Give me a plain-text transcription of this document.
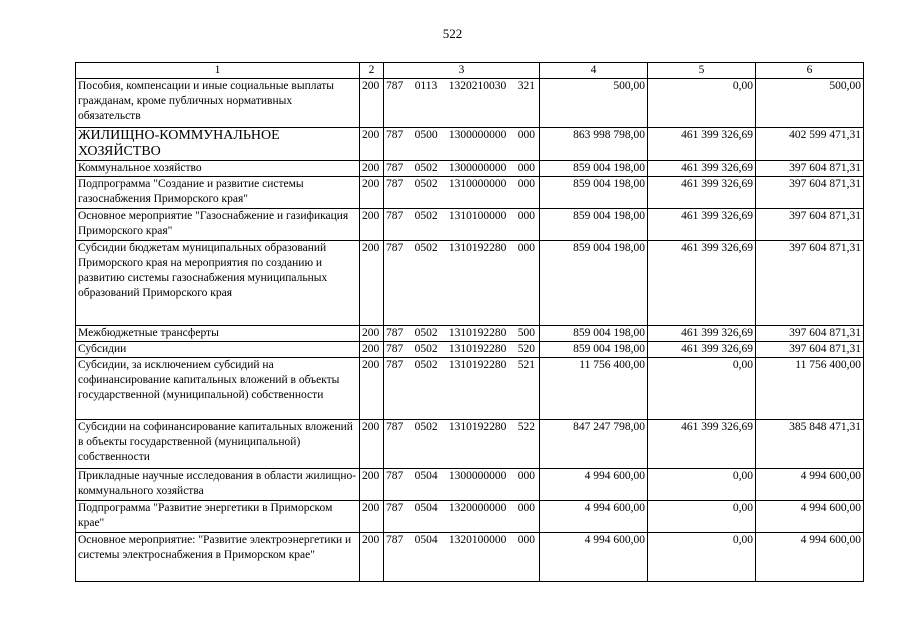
522
1	2	3	4	5	6
Пособия, компенсации и иные социальные выплаты гражданам, кроме публичных нормативных обязательств	200	787 0113 1320210030 321	500,00	0,00	500,00
ЖИЛИЩНО-КОММУНАЛЬНОЕ ХОЗЯЙСТВО	200	787 0500 1300000000 000	863 998 798,00	461 399 326,69	402 599 471,31
Коммунальное хозяйство	200	787 0502 1300000000 000	859 004 198,00	461 399 326,69	397 604 871,31
Подпрограмма "Создание и развитие системы газоснабжения Приморского края"	200	787 0502 1310000000 000	859 004 198,00	461 399 326,69	397 604 871,31
Основное мероприятие "Газоснабжение и газификация Приморского края"	200	787 0502 1310100000 000	859 004 198,00	461 399 326,69	397 604 871,31
Субсидии бюджетам муниципальных образований Приморского края на мероприятия по созданию и развитию системы газоснабжения муниципальных образований Приморского края	200	787 0502 1310192280 000	859 004 198,00	461 399 326,69	397 604 871,31
Межбюджетные трансферты	200	787 0502 1310192280 500	859 004 198,00	461 399 326,69	397 604 871,31
Субсидии	200	787 0502 1310192280 520	859 004 198,00	461 399 326,69	397 604 871,31
Субсидии, за исключением субсидий на софинансирование капитальных вложений в объекты государственной (муниципальной) собственности	200	787 0502 1310192280 521	11 756 400,00	0,00	11 756 400,00
Субсидии на софинансирование капитальных вложений в объекты государственной (муниципальной) собственности	200	787 0502 1310192280 522	847 247 798,00	461 399 326,69	385 848 471,31
Прикладные научные исследования в области жилищно-коммунального хозяйства	200	787 0504 1300000000 000	4 994 600,00	0,00	4 994 600,00
Подпрограмма "Развитие энергетики в Приморском крае"	200	787 0504 1320000000 000	4 994 600,00	0,00	4 994 600,00
Основное мероприятие: "Развитие электроэнергетики и системы электроснабжения в Приморском крае"	200	787 0504 1320100000 000	4 994 600,00	0,00	4 994 600,00
